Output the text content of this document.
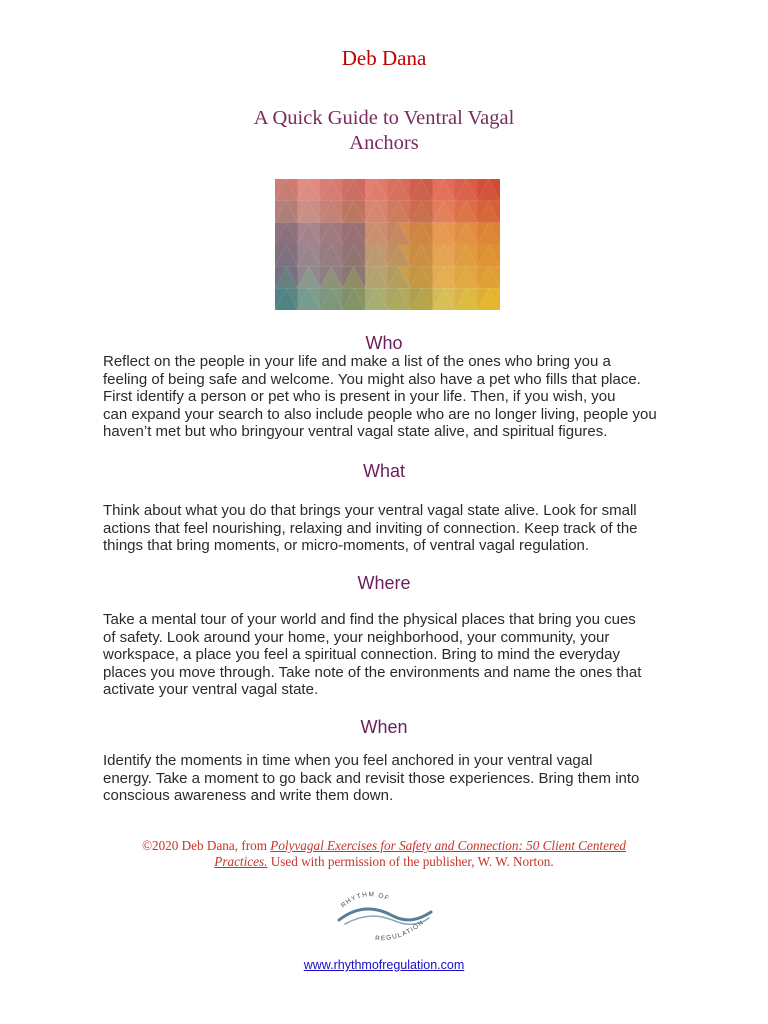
Deb Dana
A Quick Guide to Ventral Vagal
Anchors
Who
Reflect on the people in your life and make a list of the ones who bring you a
feeling of being safe and welcome. You might also have a pet who fills that place.
First identify a person or pet who is present in your life. Then, if you wish, you
can expand your search to also include people who are no longer living, people you
haven’t met but who bringyour ventral vagal state alive, and spiritual figures.
What
Think about what you do that brings your ventral vagal state alive. Look for small
actions that feel nourishing, relaxing and inviting of connection. Keep track of the
things that bring moments, or micro-moments, of ventral vagal regulation.
Where
Take a mental tour of your world and find the physical places that bring you cues
of safety. Look around your home, your neighborhood, your community, your
workspace, a place you feel a spiritual connection. Bring to mind the everyday
places you move through. Take note of the environments and name the ones that
activate your ventral vagal state.
When
Identify the moments in time when you feel anchored in your ventral vagal
energy. Take a moment to go back and revisit those experiences. Bring them into
conscious awareness and write them down.
©2020 Deb Dana, from Polyvagal Exercises for Safety and Connection: 50 Client Centered
Practices. Used with permission of the publisher, W. W. Norton.
RHYTHM OF
REGULATION
www.rhythmofregulation.com
